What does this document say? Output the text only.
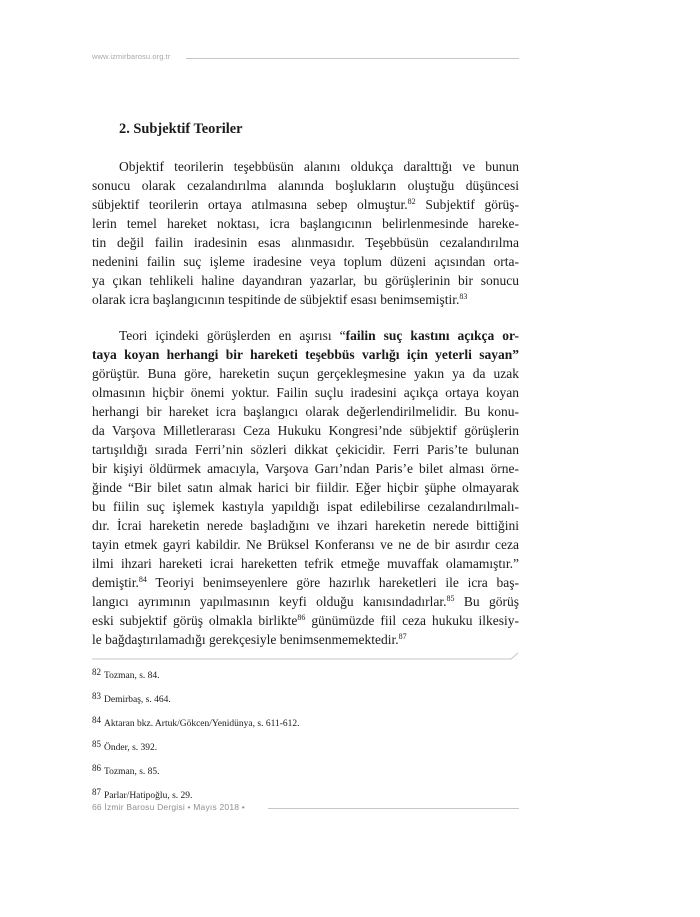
www.izmirbarosu.org.tr
2. Subjektif Teoriler

Objektif teorilerin teşebbüsün alanını oldukça daralttığı ve bunun
sonucu olarak cezalandırılma alanında boşlukların oluştuğu düşüncesi
sübjektif teorilerin ortaya atılmasına sebep olmuştur.$^{82}$ Subjektif görüş-
lerin temel hareket noktası, icra başlangıcının belirlenmesinde hareke-
tin değil failin iradesinin esas alınmasıdır. Teşebbüsün cezalandırılma
nedenini failin suç işleme iradesine veya toplum düzeni açısından orta-
ya çıkan tehlikeli haline dayandıran yazarlar, bu görüşlerinin bir sonucu
olarak icra başlangıcının tespitinde de sübjektif esası benimsemiştir.$^{83}$

Teori içindeki görüşlerden en aşırısı “failin suç kastını açıkça or-
taya koyan herhangi bir hareketi teşebbüs varlığı için yeterli sayan”
görüştür. Buna göre, hareketin suçun gerçekleşmesine yakın ya da uzak
olmasının hiçbir önemi yoktur. Failin suçlu iradesini açıkça ortaya koyan
herhangi bir hareket icra başlangıcı olarak değerlendirilmelidir. Bu konu-
da Varşova Milletlerarası Ceza Hukuku Kongresi’nde sübjektif görüşlerin
tartışıldığı sırada Ferri’nin sözleri dikkat çekicidir. Ferri Paris’te bulunan
bir kişiyi öldürmek amacıyla, Varşova Garı’ndan Paris’e bilet alması örne-
ğinde “Bir bilet satın almak harici bir fiildir. Eğer hiçbir şüphe olmayarak
bu fiilin suç işlemek kastıyla yapıldığı ispat edilebilirse cezalandırılmalı-
dır. İcrai hareketin nerede başladığını ve ihzari hareketin nerede bittiğini
tayin etmek gayri kabildir. Ne Brüksel Konferansı ve ne de bir asırdır ceza
ilmi ihzari hareketi icrai hareketten tefrik etmeğe muvaffak olamamıştır.”
demiştir.$^{84}$ Teoriyi benimseyenlere göre hazırlık hareketleri ile icra baş-
langıcı ayrımının yapılmasının keyfi olduğu kanısındadırlar.$^{85}$ Bu görüş
eski subjektif görüş olmakla birlikte$^{86}$ günümüzde fiil ceza hukuku ilkesiy-
le bağdaştırılamadığı gerekçesiyle benimsenmemektedir.$^{87}$

82 Tozman, s. 84.
83 Demirbaş, s. 464.
84 Aktaran bkz. Artuk/Gökcen/Yenidünya, s. 611-612.
85 Önder, s. 392.
86 Tozman, s. 85.
87 Parlar/Hatipoğlu, s. 29.
66 İzmir Barosu Dergisi • Mayıs 2018 •
